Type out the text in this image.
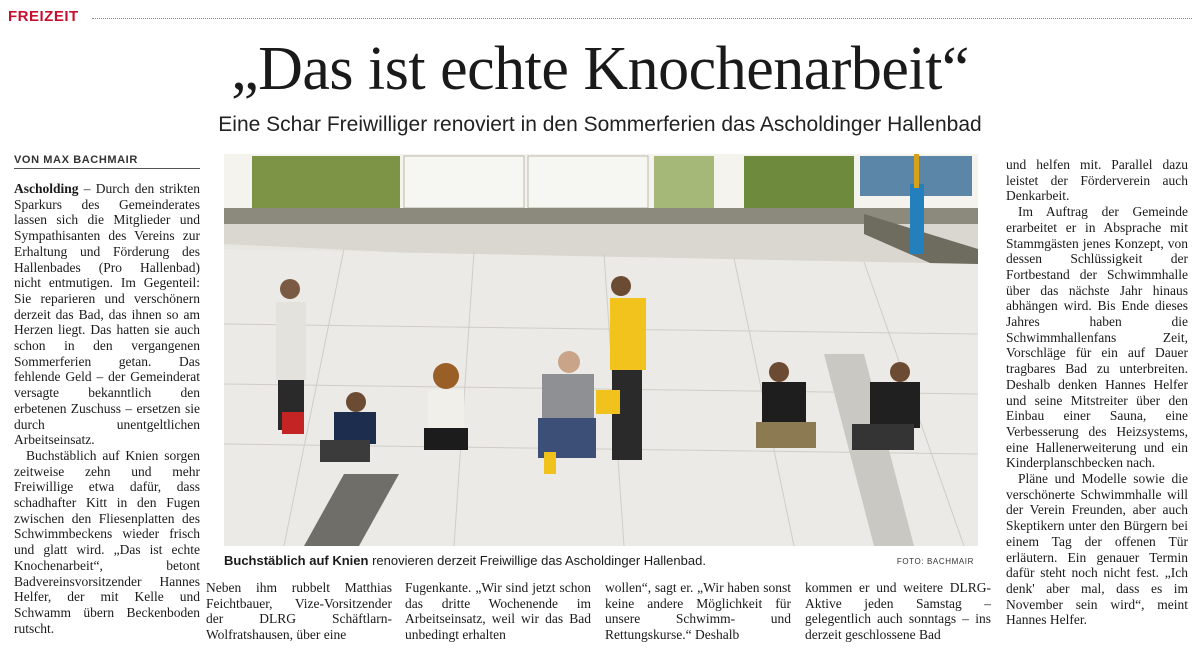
FREIZEIT
„Das ist echte Knochenarbeit“
Eine Schar Freiwilliger renoviert in den Sommerferien das Ascholdinger Hallenbad
VON MAX BACHMAIR

Ascholding – Durch den strikten Sparkurs des Gemeinderates lassen sich die Mitglieder und Sympathisanten des Vereins zur Erhaltung und Förderung des Hallenbades (Pro Hallenbad) nicht entmutigen. Im Gegenteil: Sie reparieren und verschönern derzeit das Bad, das ihnen so am Herzen liegt. Das hatten sie auch schon in den vergangenen Sommerferien getan. Das fehlende Geld – der Gemeinderat versagte bekanntlich den erbetenen Zuschuss – ersetzen sie durch unentgeltlichen Arbeitseinsatz.

Buchstäblich auf Knien sorgen zeitweise zehn und mehr Freiwillige etwa dafür, dass schadhafter Kitt in den Fugen zwischen den Fliesenplatten des Schwimmbeckens wieder frisch und glatt wird. „Das ist echte Knochenarbeit“, betont Badvereinsvorsitzender Hannes Helfer, der mit Kelle und Schwamm übern Beckenboden rutscht.

Buchstäblich auf Knien renovieren derzeit Freiwillige das Ascholdinger Hallenbad.	FOTO: BACHMAIR
Neben ihm rubbelt Matthias Feichtbauer, Vize-Vorsitzender der DLRG Schäftlarn-Wolfratshausen, über eine
Fugenkante. „Wir sind jetzt schon das dritte Wochenende im Arbeitseinsatz, weil wir das Bad unbedingt erhalten
wollen“, sagt er. „Wir haben sonst keine andere Möglichkeit für unsere Schwimm- und Rettungskurse.“ Deshalb
kommen er und weitere DLRG-Aktive jeden Samstag – gelegentlich auch sonntags – ins derzeit geschlossene Bad

und helfen mit. Parallel dazu leistet der Förderverein auch Denkarbeit.

Im Auftrag der Gemeinde erarbeitet er in Absprache mit Stammgästen jenes Konzept, von dessen Schlüssigkeit der Fortbestand der Schwimmhalle über das nächste Jahr hinaus abhängen wird. Bis Ende dieses Jahres haben die Schwimmhallenfans Zeit, Vorschläge für ein auf Dauer tragbares Bad zu unterbreiten. Deshalb denken Hannes Helfer und seine Mitstreiter über den Einbau einer Sauna, eine Verbesserung des Heizsystems, eine Hallenerweiterung und ein Kinderplanschbecken nach.

Pläne und Modelle sowie die verschönerte Schwimmhalle will der Verein Freunden, aber auch Skeptikern unter den Bürgern bei einem Tag der offenen Tür erläutern. Ein genauer Termin dafür steht noch nicht fest. „Ich denk' aber mal, dass es im November sein wird“, meint Hannes Helfer.
